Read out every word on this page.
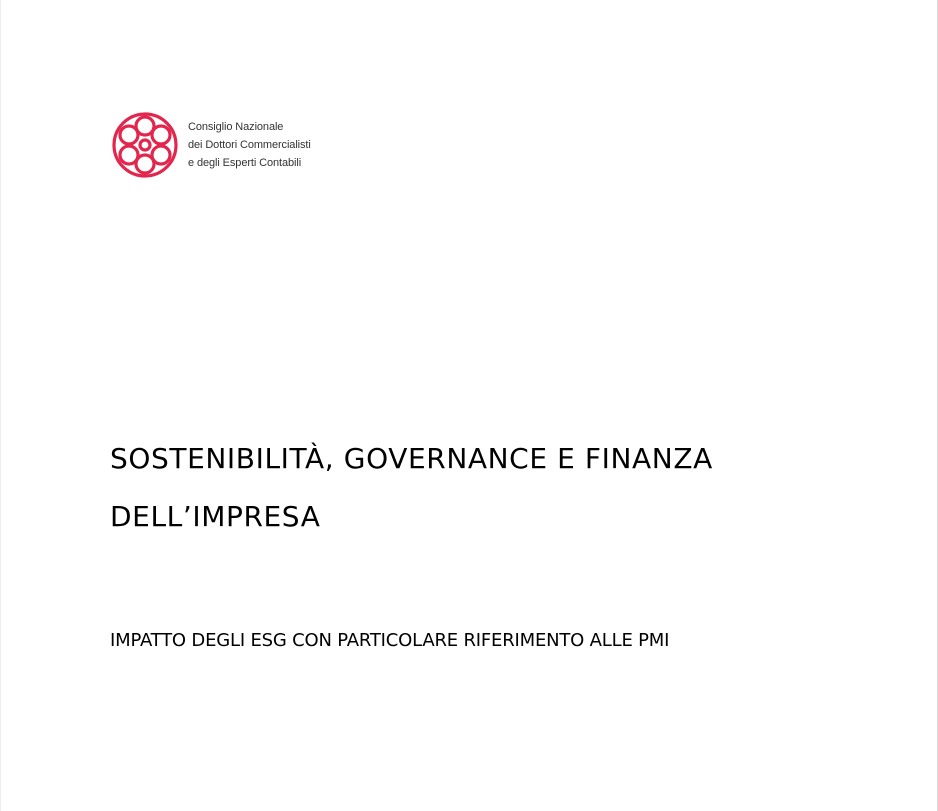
Consiglio Nazionale
dei Dottori Commercialisti
e degli Esperti Contabili
SOSTENIBILITÀ, GOVERNANCE E FINANZA
DELL’IMPRESA
IMPATTO DEGLI ESG CON PARTICOLARE RIFERIMENTO ALLE PMI
